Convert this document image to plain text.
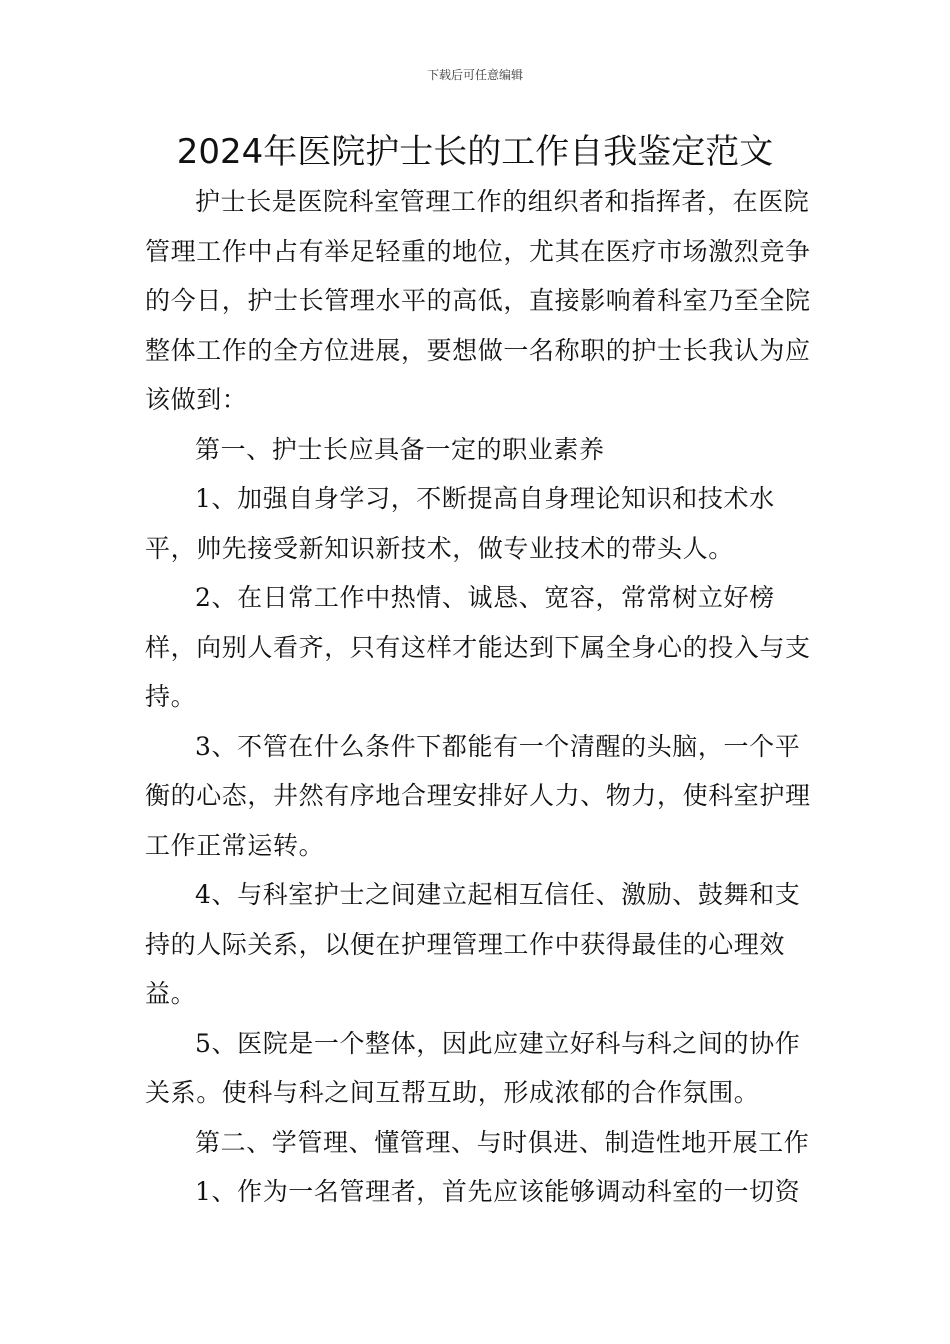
下载后可任意编辑
2024年医院护士长的工作自我鉴定范文

护士长是医院科室管理工作的组织者和指挥者，在医院管理工作中占有举足轻重的地位，尤其在医疗市场激烈竞争的今日，护士长管理水平的高低，直接影响着科室乃至全院整体工作的全方位进展，要想做一名称职的护士长我认为应该做到：

第一、护士长应具备一定的职业素养

1、加强自身学习，不断提高自身理论知识和技术水平，帅先接受新知识新技术，做专业技术的带头人。

2、在日常工作中热情、诚恳、宽容，常常树立好榜样，向别人看齐，只有这样才能达到下属全身心的投入与支持。

3、不管在什么条件下都能有一个清醒的头脑，一个平衡的心态，井然有序地合理安排好人力、物力，使科室护理工作正常运转。

4、与科室护士之间建立起相互信任、激励、鼓舞和支持的人际关系，以便在护理管理工作中获得最佳的心理效益。

5、医院是一个整体，因此应建立好科与科之间的协作关系。使科与科之间互帮互助，形成浓郁的合作氛围。

第二、学管理、懂管理、与时俱进、制造性地开展工作

1、作为一名管理者，首先应该能够调动科室的一切资
